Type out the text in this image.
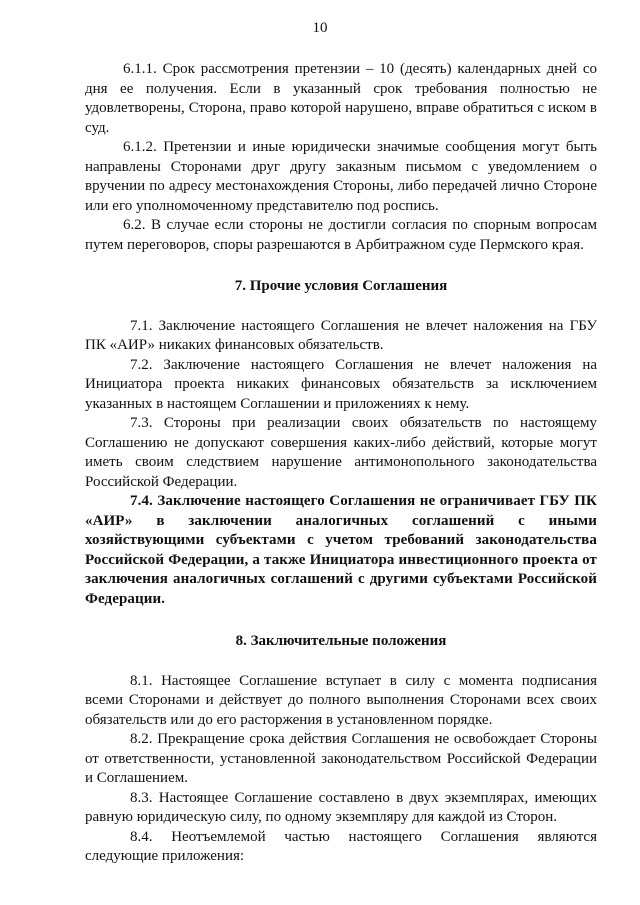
10

6.1.1. Срок рассмотрения претензии – 10 (десять) календарных дней со дня ее получения. Если в указанный срок требования полностью не удовлетворены, Сторона, право которой нарушено, вправе обратиться с иском в суд.

6.1.2. Претензии и иные юридически значимые сообщения могут быть направлены Сторонами друг другу заказным письмом с уведомлением о вручении по адресу местонахождения Стороны, либо передачей лично Стороне или его уполномоченному представителю под роспись.

6.2. В случае если стороны не достигли согласия по спорным вопросам путем переговоров, споры разрешаются в Арбитражном суде Пермского края.

7. Прочие условия Соглашения

7.1. Заключение настоящего Соглашения не влечет наложения на ГБУ ПК «АИР» никаких финансовых обязательств.

7.2. Заключение настоящего Соглашения не влечет наложения на Инициатора проекта никаких финансовых обязательств за исключением указанных в настоящем Соглашении и приложениях к нему.

7.3. Стороны при реализации своих обязательств по настоящему Соглашению не допускают совершения каких-либо действий, которые могут иметь своим следствием нарушение антимонопольного законодательства Российской Федерации.

7.4. Заключение настоящего Соглашения не ограничивает ГБУ ПК «АИР» в заключении аналогичных соглашений с иными хозяйствующими субъектами с учетом требований законодательства Российской Федерации, а также Инициатора инвестиционного проекта от заключения аналогичных соглашений с другими субъектами Российской Федерации.

8. Заключительные положения

8.1. Настоящее Соглашение вступает в силу с момента подписания всеми Сторонами и действует до полного выполнения Сторонами всех своих обязательств или до его расторжения в установленном порядке.

8.2. Прекращение срока действия Соглашения не освобождает Стороны от ответственности, установленной законодательством Российской Федерации и Соглашением.

8.3. Настоящее Соглашение составлено в двух экземплярах, имеющих равную юридическую силу, по одному экземпляру для каждой из Сторон.

8.4. Неотъемлемой частью настоящего Соглашения являются следующие приложения:
